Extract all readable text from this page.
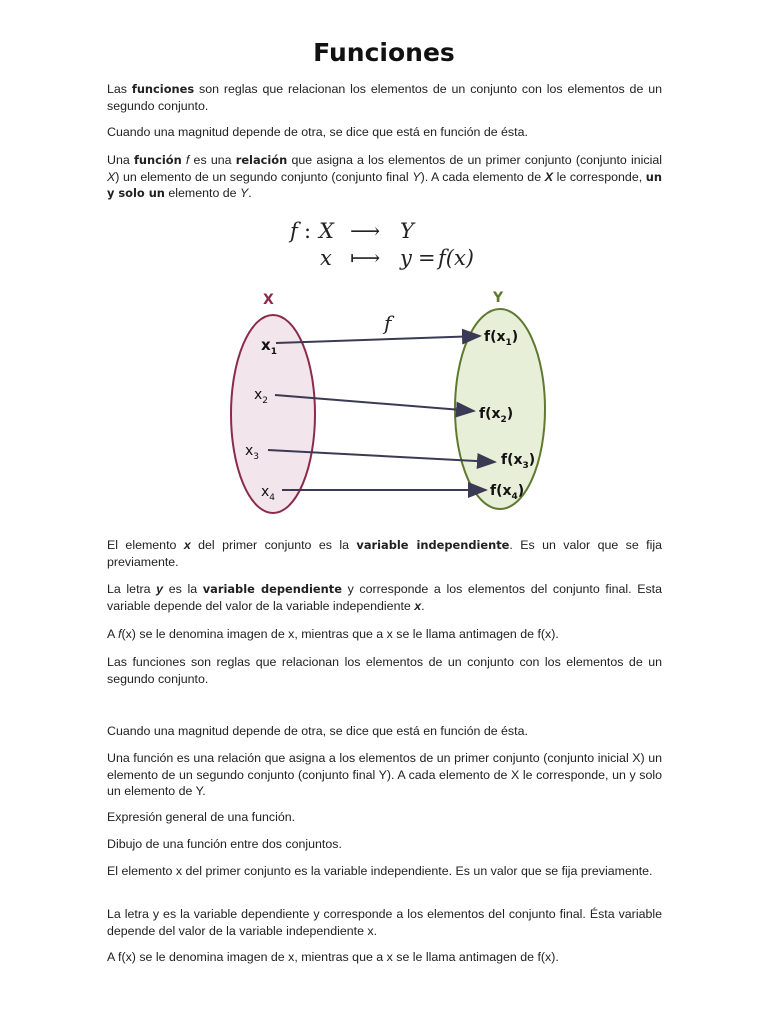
Funciones

Las funciones son reglas que relacionan los elementos de un conjunto con los elementos de un segundo conjunto.

Cuando una magnitud depende de otra, se dice que está en función de ésta.

Una función f es una relación que asigna a los elementos de un primer conjunto (conjunto inicial X) un elemento de un segundo conjunto (conjunto final Y). A cada elemento de X le corresponde, un y solo un elemento de Y.

f : X ⟶ Y
x ⟼ y = f(x)
X	Y
f
$x_1$
$x_2$
$x_3$
$x_4$
$f(x_1)$
$f(x_2)$
$f(x_3)$
$f(x_4)$

El elemento x del primer conjunto es la variable independiente. Es un valor que se fija previamente.

La letra y es la variable dependiente y corresponde a los elementos del conjunto final. Esta variable depende del valor de la variable independiente x.

A f(x) se le denomina imagen de x, mientras que a x se le llama antimagen de f(x).

Las funciones son reglas que relacionan los elementos de un conjunto con los elementos de un segundo conjunto.

Cuando una magnitud depende de otra, se dice que está en función de ésta.

Una función es una relación que asigna a los elementos de un primer conjunto (conjunto inicial X) un elemento de un segundo conjunto (conjunto final Y). A cada elemento de X le corresponde, un y solo un elemento de Y.

Expresión general de una función.

Dibujo de una función entre dos conjuntos.

El elemento x del primer conjunto es la variable independiente. Es un valor que se fija previamente.

La letra y es la variable dependiente y corresponde a los elementos del conjunto final. Ésta variable depende del valor de la variable independiente x.

A f(x) se le denomina imagen de x, mientras que a x se le llama antimagen de f(x).
